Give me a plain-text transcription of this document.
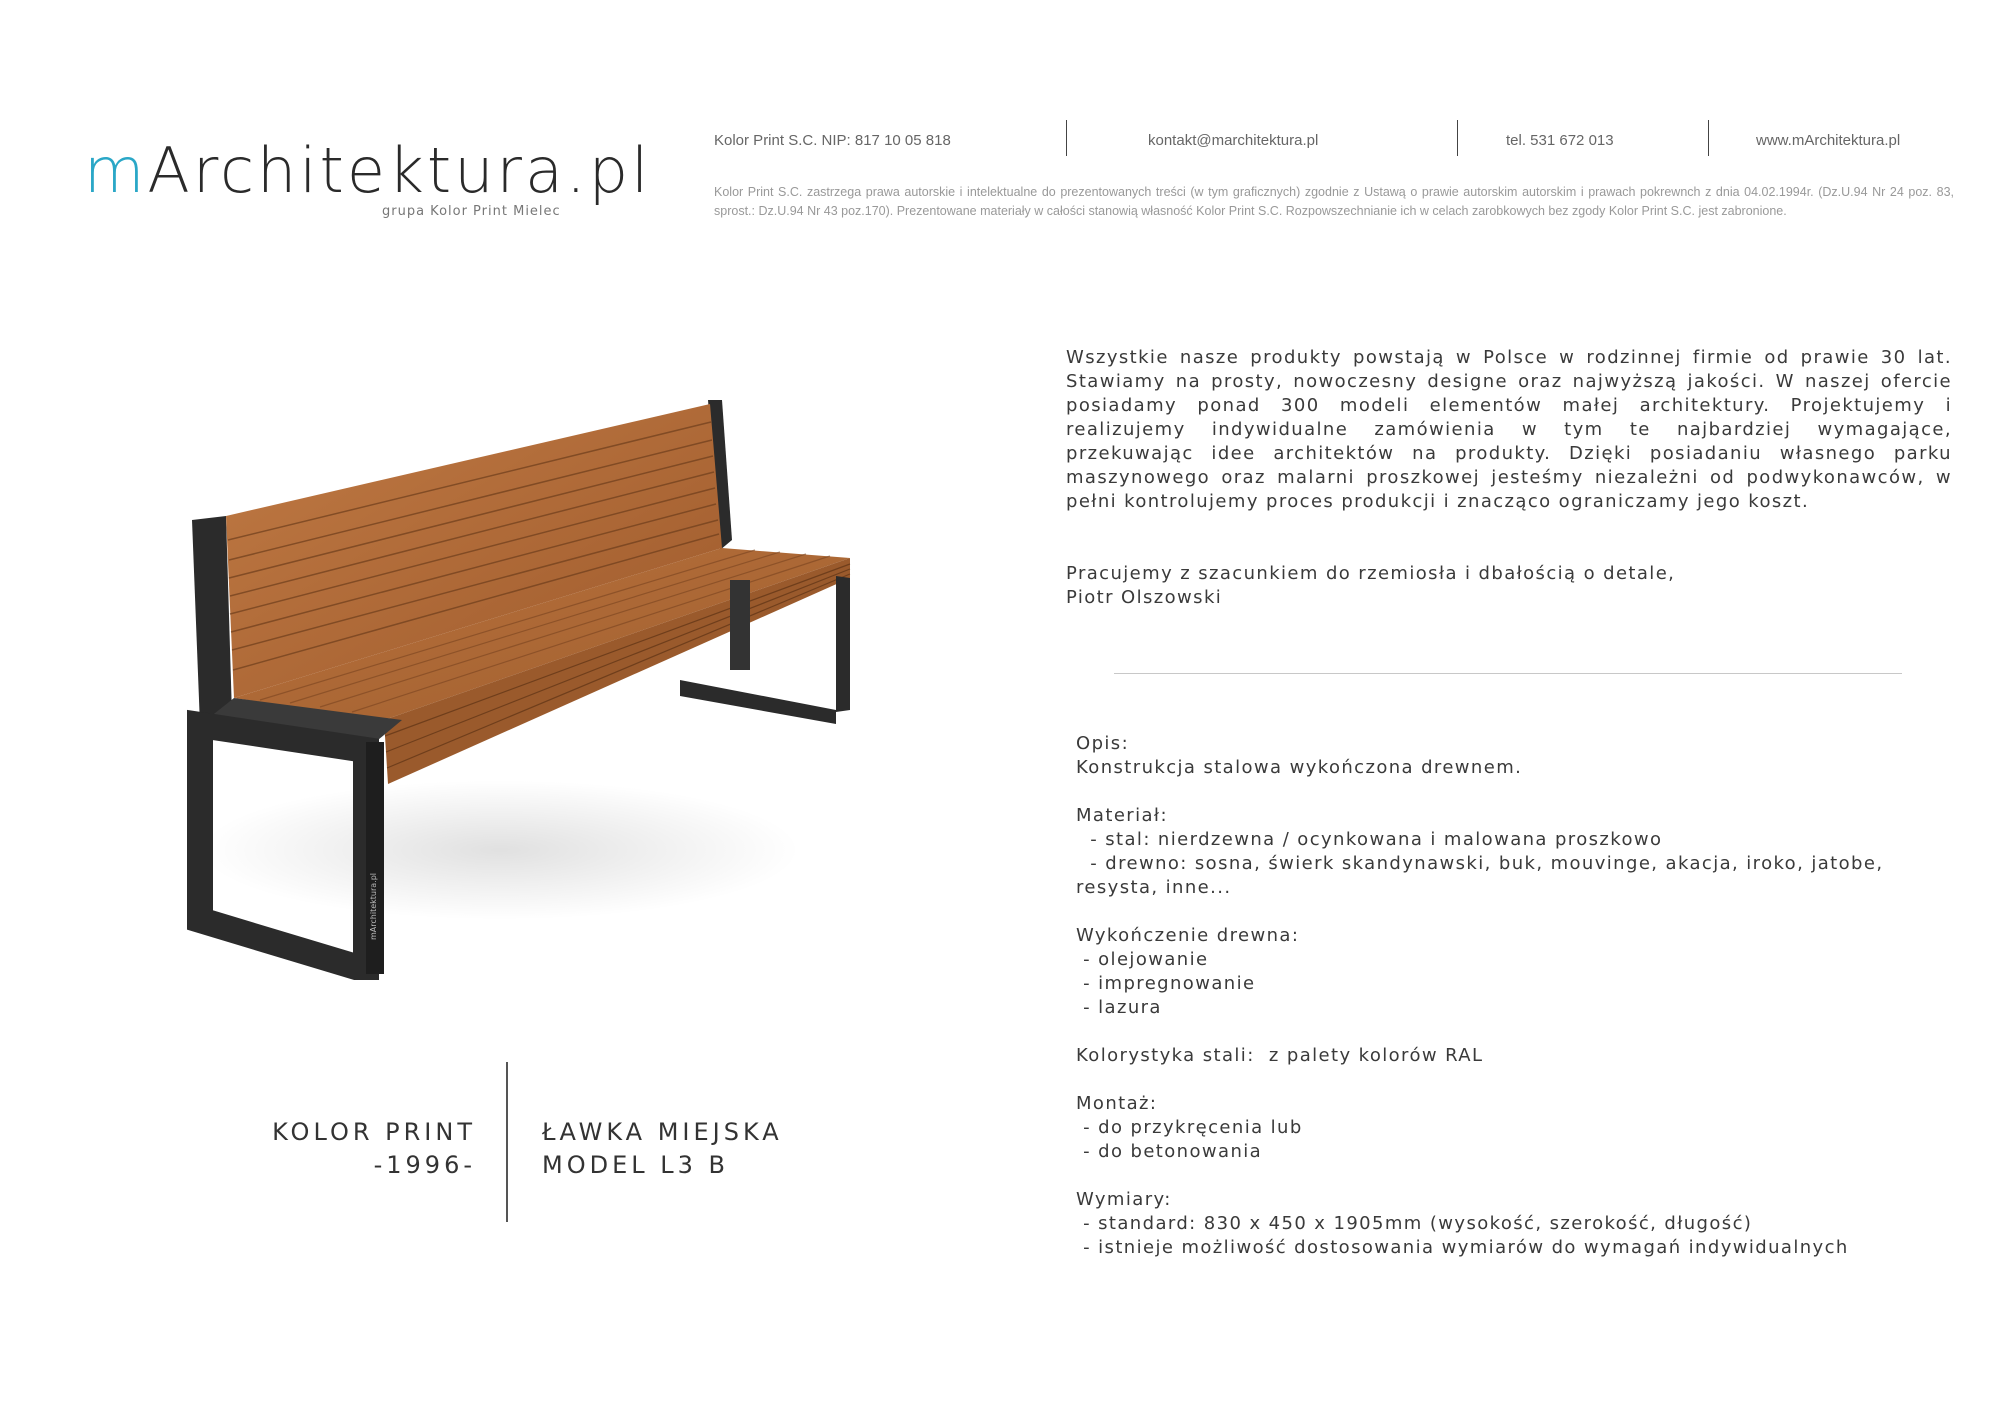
mArchitektura.pl
grupa Kolor Print Mielec
Kolor Print S.C. NIP: 817 10 05 818	kontakt@marchitektura.pl	tel. 531 672 013	www.mArchitektura.pl
Kolor Print S.C. zastrzega prawa autorskie i intelektualne do prezentowanych treści (w tym graficznych) zgodnie z Ustawą o prawie autorskim autorskim i prawach pokrewnch z dnia 04.02.1994r. (Dz.U.94 Nr 24 poz. 83, sprost.: Dz.U.94 Nr 43 poz.170). Prezentowane materiały w całości stanowią własność Kolor Print S.C. Rozpowszechnianie ich w celach zarobkowych bez zgody Kolor Print S.C. jest zabronione.

Wszystkie nasze produkty powstają w Polsce w rodzinnej firmie od prawie 30 lat. Stawiamy na prosty, nowoczesny designe oraz najwyższą jakości. W naszej ofercie posiadamy ponad 300 modeli elementów małej architektury. Projektujemy i realizujemy indywidualne zamówienia w tym te najbardziej wymagające, przekuwając idee architektów na produkty. Dzięki posiadaniu własnego parku maszynowego oraz malarni proszkowej jesteśmy niezależni od podwykonawców, w pełni kontrolujemy proces produkcji i znacząco ograniczamy jego koszt.

Pracujemy z szacunkiem do rzemiosła i dbałością o detale,
Piotr Olszowski
Opis:
Konstrukcja stalowa wykończona drewnem.
Materiał:
- stal: nierdzewna / ocynkowana i malowana proszkowo
- drewno: sosna, świerk skandynawski, buk, mouvinge, akacja, iroko, jatobe,
resysta, inne...
Wykończenie drewna:
- olejowanie
- impregnowanie
- lazura
Kolorystyka stali:  z palety kolorów RAL
Montaż:
- do przykręcenia lub
- do betonowania
Wymiary:
- standard: 830 x 450 x 1905mm (wysokość, szerokość, długość)
- istnieje możliwość dostosowania wymiarów do wymagań indywidualnych
mArchitektura.pl
KOLOR PRINT
-1996-
ŁAWKA MIEJSKA
MODEL L3 B
